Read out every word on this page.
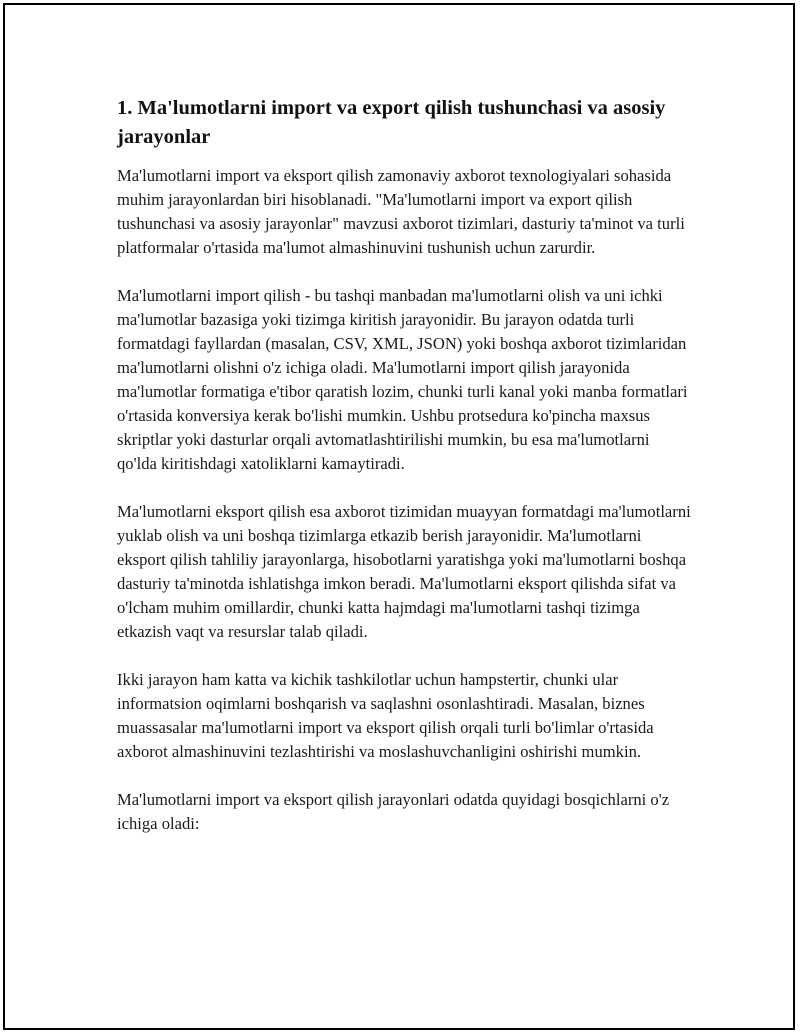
1. Ma'lumotlarni import va export qilish tushunchasi va asosiy jarayonlar

Ma'lumotlarni import va eksport qilish zamonaviy axborot texnologiyalari sohasida muhim jarayonlardan biri hisoblanadi. "Ma'lumotlarni import va export qilish tushunchasi va asosiy jarayonlar" mavzusi axborot tizimlari, dasturiy ta'minot va turli platformalar o'rtasida ma'lumot almashinuvini tushunish uchun zarurdir.

Ma'lumotlarni import qilish - bu tashqi manbadan ma'lumotlarni olish va uni ichki ma'lumotlar bazasiga yoki tizimga kiritish jarayonidir. Bu jarayon odatda turli formatdagi fayllardan (masalan, CSV, XML, JSON) yoki boshqa axborot tizimlaridan ma'lumotlarni olishni o'z ichiga oladi. Ma'lumotlarni import qilish jarayonida ma'lumotlar formatiga e'tibor qaratish lozim, chunki turli kanal yoki manba formatlari o'rtasida konversiya kerak bo'lishi mumkin. Ushbu protsedura ko'pincha maxsus skriptlar yoki dasturlar orqali avtomatlashtirilishi mumkin, bu esa ma'lumotlarni qo'lda kiritishdagi xatoliklarni kamaytiradi.

Ma'lumotlarni eksport qilish esa axborot tizimidan muayyan formatdagi ma'lumotlarni yuklab olish va uni boshqa tizimlarga etkazib berish jarayonidir. Ma'lumotlarni eksport qilish tahliliy jarayonlarga, hisobotlarni yaratishga yoki ma'lumotlarni boshqa dasturiy ta'minotda ishlatishga imkon beradi. Ma'lumotlarni eksport qilishda sifat va o'lcham muhim omillardir, chunki katta hajmdagi ma'lumotlarni tashqi tizimga etkazish vaqt va resurslar talab qiladi.

Ikki jarayon ham katta va kichik tashkilotlar uchun hampstertir, chunki ular informatsion oqimlarni boshqarish va saqlashni osonlashtiradi. Masalan, biznes muassasalar ma'lumotlarni import va eksport qilish orqali turli bo'limlar o'rtasida axborot almashinuvini tezlashtirishi va moslashuvchanligini oshirishi mumkin.

Ma'lumotlarni import va eksport qilish jarayonlari odatda quyidagi bosqichlarni o'z ichiga oladi:
